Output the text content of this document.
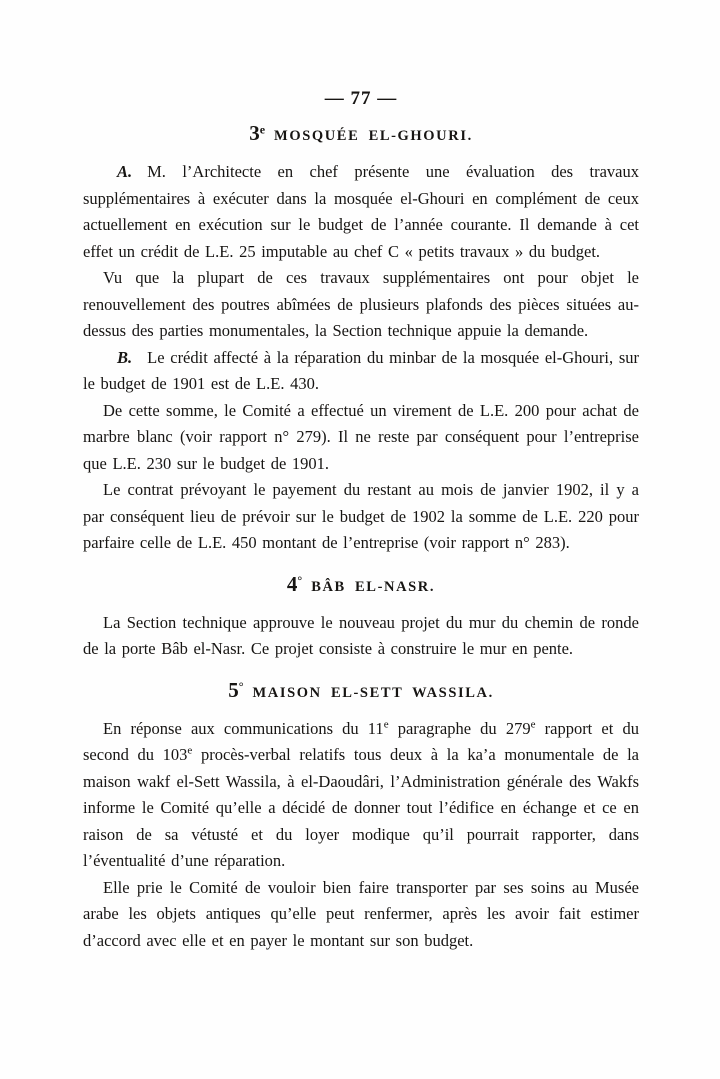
— 77 —
3e MOSQUÉE EL-GHOURI.

A. M. l’Architecte en chef présente une évaluation des travaux supplémentaires à exécuter dans la mosquée el-Ghouri en complément de ceux actuellement en exécution sur le budget de l’année courante. Il demande à cet effet un crédit de L.E. 25 imputable au chef C « petits travaux » du budget.

Vu que la plupart de ces travaux supplémentaires ont pour objet le renouvellement des poutres abîmées de plusieurs plafonds des pièces situées au-dessus des parties monumentales, la Section technique appuie la demande.

B. Le crédit affecté à la réparation du minbar de la mosquée el-Ghouri, sur le budget de 1901 est de L.E. 430.

De cette somme, le Comité a effectué un virement de L.E. 200 pour achat de marbre blanc (voir rapport n° 279). Il ne reste par conséquent pour l’entreprise que L.E. 230 sur le budget de 1901.

Le contrat prévoyant le payement du restant au mois de janvier 1902, il y a par conséquent lieu de prévoir sur le budget de 1902 la somme de L.E. 220 pour parfaire celle de L.E. 450 montant de l’entreprise (voir rapport n° 283).

4° BÂB EL-NASR.

La Section technique approuve le nouveau projet du mur du chemin de ronde de la porte Bâb el-Nasr. Ce projet consiste à construire le mur en pente.

5° MAISON EL-SETT WASSILA.

En réponse aux communications du 11e paragraphe du 279e rapport et du second du 103e procès-verbal relatifs tous deux à la ka’a monumentale de la maison wakf el-Sett Wassila, à el-Daoudâri, l’Administration générale des Wakfs informe le Comité qu’elle a décidé de donner tout l’édifice en échange et ce en raison de sa vétusté et du loyer modique qu’il pourrait rapporter, dans l’éventualité d’une réparation.

Elle prie le Comité de vouloir bien faire transporter par ses soins au Musée arabe les objets antiques qu’elle peut renfermer, après les avoir fait estimer d’accord avec elle et en payer le montant sur son budget.
